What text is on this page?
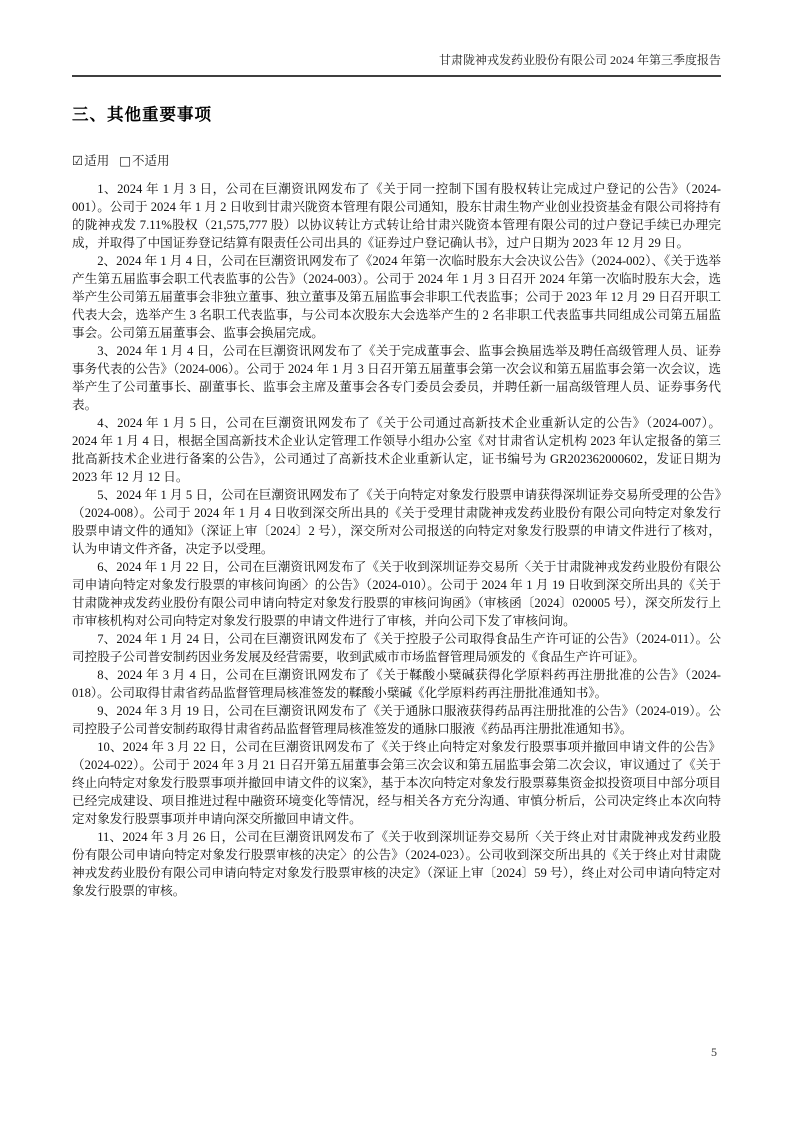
甘肃陇神戎发药业股份有限公司 2024 年第三季度报告
三、其他重要事项
☑适用 □不适用

1、2024 年 1 月 3 日，公司在巨潮资讯网发布了《关于同一控制下国有股权转让完成过户登记的公告》（2024-001）。公司于 2024 年 1 月 2 日收到甘肃兴陇资本管理有限公司通知，股东甘肃生物产业创业投资基金有限公司将持有的陇神戎发 7.11%股权（21,575,777 股）以协议转让方式转让给甘肃兴陇资本管理有限公司的过户登记手续已办理完成，并取得了中国证券登记结算有限责任公司出具的《证券过户登记确认书》，过户日期为 2023 年 12 月 29 日。

2、2024 年 1 月 4 日，公司在巨潮资讯网发布了《2024 年第一次临时股东大会决议公告》（2024-002）、《关于选举产生第五届监事会职工代表监事的公告》（2024-003）。公司于 2024 年 1 月 3 日召开 2024 年第一次临时股东大会，选举产生公司第五届董事会非独立董事、独立董事及第五届监事会非职工代表监事；公司于 2023 年 12 月 29 日召开职工代表大会，选举产生 3 名职工代表监事，与公司本次股东大会选举产生的 2 名非职工代表监事共同组成公司第五届监事会。公司第五届董事会、监事会换届完成。

3、2024 年 1 月 4 日，公司在巨潮资讯网发布了《关于完成董事会、监事会换届选举及聘任高级管理人员、证券事务代表的公告》（2024-006）。公司于 2024 年 1 月 3 日召开第五届董事会第一次会议和第五届监事会第一次会议，选举产生了公司董事长、副董事长、监事会主席及董事会各专门委员会委员，并聘任新一届高级管理人员、证券事务代表。

4、2024 年 1 月 5 日，公司在巨潮资讯网发布了《关于公司通过高新技术企业重新认定的公告》（2024-007）。2024 年 1 月 4 日，根据全国高新技术企业认定管理工作领导小组办公室《对甘肃省认定机构 2023 年认定报备的第三批高新技术企业进行备案的公告》，公司通过了高新技术企业重新认定，证书编号为 GR202362000602，发证日期为 2023 年 12 月 12 日。

5、2024 年 1 月 5 日，公司在巨潮资讯网发布了《关于向特定对象发行股票申请获得深圳证券交易所受理的公告》（2024-008）。公司于 2024 年 1 月 4 日收到深交所出具的《关于受理甘肃陇神戎发药业股份有限公司向特定对象发行股票申请文件的通知》（深证上审〔2024〕2 号），深交所对公司报送的向特定对象发行股票的申请文件进行了核对，认为申请文件齐备，决定予以受理。

6、2024 年 1 月 22 日，公司在巨潮资讯网发布了《关于收到深圳证券交易所〈关于甘肃陇神戎发药业股份有限公司申请向特定对象发行股票的审核问询函〉的公告》（2024-010）。公司于 2024 年 1 月 19 日收到深交所出具的《关于甘肃陇神戎发药业股份有限公司申请向特定对象发行股票的审核问询函》（审核函〔2024〕020005 号），深交所发行上市审核机构对公司向特定对象发行股票的申请文件进行了审核，并向公司下发了审核问询。

7、2024 年 1 月 24 日，公司在巨潮资讯网发布了《关于控股子公司取得食品生产许可证的公告》（2024-011）。公司控股子公司普安制药因业务发展及经营需要，收到武威市市场监督管理局颁发的《食品生产许可证》。

8、2024 年 3 月 4 日，公司在巨潮资讯网发布了《关于鞣酸小檗碱获得化学原料药再注册批准的公告》（2024-018）。公司取得甘肃省药品监督管理局核准签发的鞣酸小檗碱《化学原料药再注册批准通知书》。

9、2024 年 3 月 19 日，公司在巨潮资讯网发布了《关于通脉口服液获得药品再注册批准的公告》（2024-019）。公司控股子公司普安制药取得甘肃省药品监督管理局核准签发的通脉口服液《药品再注册批准通知书》。

10、2024 年 3 月 22 日，公司在巨潮资讯网发布了《关于终止向特定对象发行股票事项并撤回申请文件的公告》（2024-022）。公司于 2024 年 3 月 21 日召开第五届董事会第三次会议和第五届监事会第二次会议，审议通过了《关于终止向特定对象发行股票事项并撤回申请文件的议案》，基于本次向特定对象发行股票募集资金拟投资项目中部分项目已经完成建设、项目推进过程中融资环境变化等情况，经与相关各方充分沟通、审慎分析后，公司决定终止本次向特定对象发行股票事项并申请向深交所撤回申请文件。

11、2024 年 3 月 26 日，公司在巨潮资讯网发布了《关于收到深圳证券交易所〈关于终止对甘肃陇神戎发药业股份有限公司申请向特定对象发行股票审核的决定〉的公告》（2024-023）。公司收到深交所出具的《关于终止对甘肃陇神戎发药业股份有限公司申请向特定对象发行股票审核的决定》（深证上审〔2024〕59 号），终止对公司申请向特定对象发行股票的审核。

5
